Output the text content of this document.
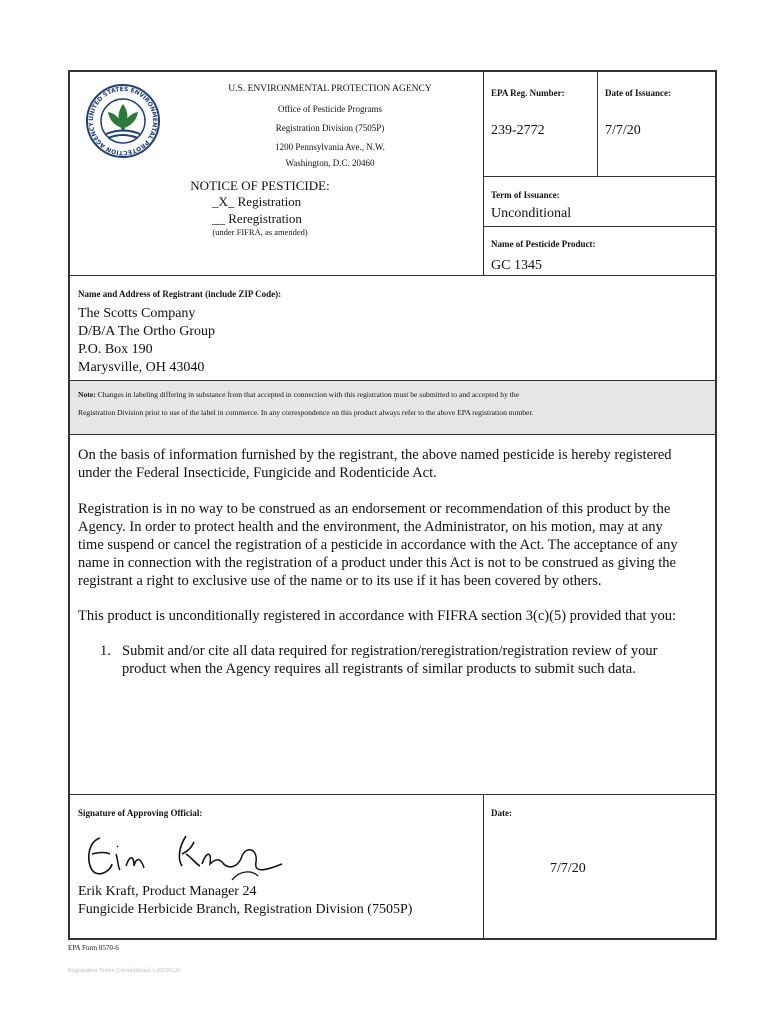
UNITED STATES ENVIRONMENTAL PROTECTION AGENCY
U.S. ENVIRONMENTAL PROTECTION AGENCY
Office of Pesticide Programs
Registration Division (7505P)
1200 Pennsylvania Ave., N.W.
Washington, D.C. 20460
NOTICE OF PESTICIDE:
_X_ Registration
__ Reregistration
(under FIFRA, as amended)
EPA Reg. Number:
239-2772
Date of Issuance:
7/7/20
Term of Issuance:
Unconditional
Name of Pesticide Product:
GC 1345
Name and Address of Registrant (include ZIP Code):
The Scotts Company
D/B/A The Ortho Group
P.O. Box 190
Marysville, OH 43040
Note: Changes in labeling differing in substance from that accepted in connection with this registration must be submitted to and accepted by the
Registration Division prior to use of the label in commerce. In any correspondence on this product always refer to the above EPA registration number.
On the basis of information furnished by the registrant, the above named pesticide is hereby registered
under the Federal Insecticide, Fungicide and Rodenticide Act.
Registration is in no way to be construed as an endorsement or recommendation of this product by the
Agency. In order to protect health and the environment, the Administrator, on his motion, may at any
time suspend or cancel the registration of a pesticide in accordance with the Act. The acceptance of any
name in connection with the registration of a product under this Act is not to be construed as giving the
registrant a right to exclusive use of the name or to its use if it has been covered by others.
This product is unconditionally registered in accordance with FIFRA section 3(c)(5) provided that you:
1. Submit and/or cite all data required for registration/reregistration/registration review of your
product when the Agency requires all registrants of similar products to submit such data.
Signature of Approving Official:
Erik Kraft, Product Manager 24
Fungicide Herbicide Branch, Registration Division (7505P)
Date:
7/7/20
EPA Form 8570-6
Registration Notice Unconditional v.20150120
